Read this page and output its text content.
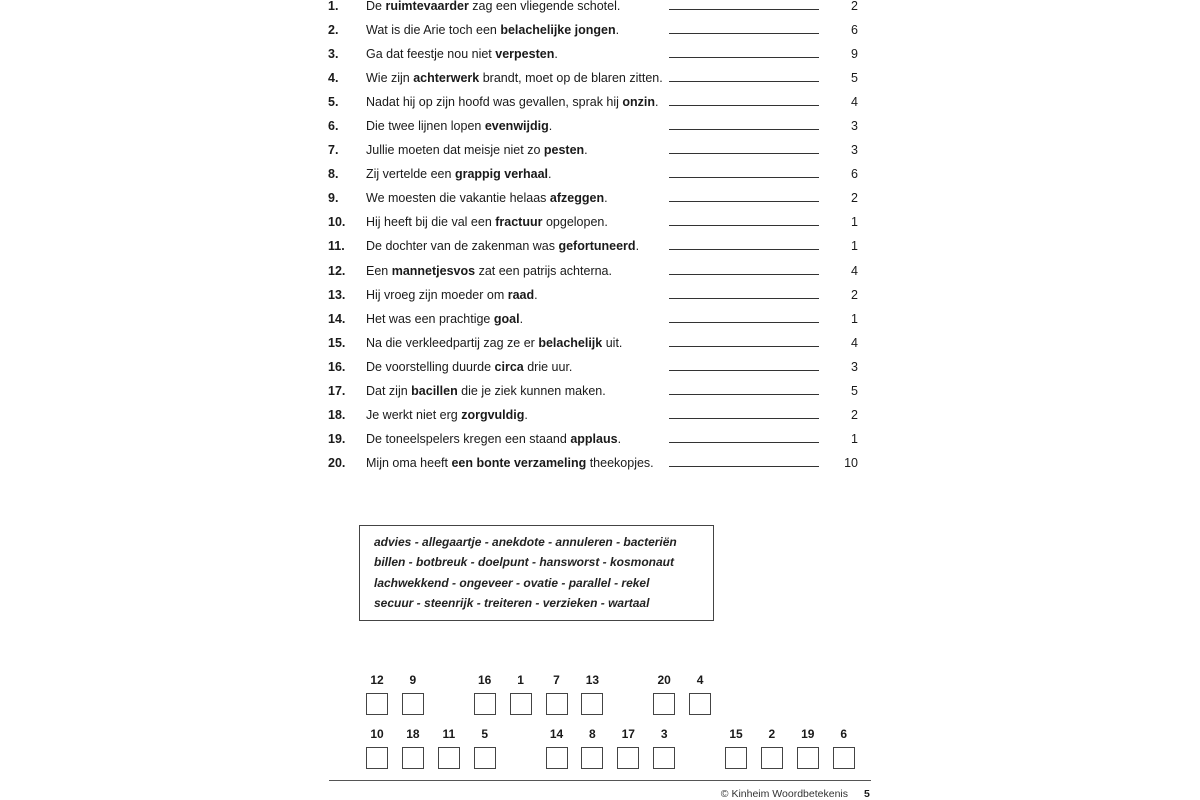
1. De ruimtevaarder zag een vliegende schotel.	2
2. Wat is die Arie toch een belachelijke jongen.	6
3. Ga dat feestje nou niet verpesten.	9
4. Wie zijn achterwerk brandt, moet op de blaren zitten.	5
5. Nadat hij op zijn hoofd was gevallen, sprak hij onzin.	4
6. Die twee lijnen lopen evenwijdig.	3
7. Jullie moeten dat meisje niet zo pesten.	3
8. Zij vertelde een grappig verhaal.	6
9. We moesten die vakantie helaas afzeggen.	2
10. Hij heeft bij die val een fractuur opgelopen.	1
11. De dochter van de zakenman was gefortuneerd.	1
12. Een mannetjesvos zat een patrijs achterna.	4
13. Hij vroeg zijn moeder om raad.	2
14. Het was een prachtige goal.	1
15. Na die verkleedpartij zag ze er belachelijk uit.	4
16. De voorstelling duurde circa drie uur.	3
17. Dat zijn bacillen die je ziek kunnen maken.	5
18. Je werkt niet erg zorgvuldig.	2
19. De toneelspelers kregen een staand applaus.	1
20. Mijn oma heeft een bonte verzameling theekopjes.	10
advies - allegaartje - anekdote - annuleren - bacteriën
billen - botbreuk - doelpunt - hansworst - kosmonaut
lachwekkend - ongeveer - ovatie - parallel - rekel
secuur - steenrijk - treiteren - verzieken - wartaal
12	9	16	1	7	13	20	4
10	18	11	5	14	8	17	3	15	2	19	6
© Kinheim Woordbetekenis 5
